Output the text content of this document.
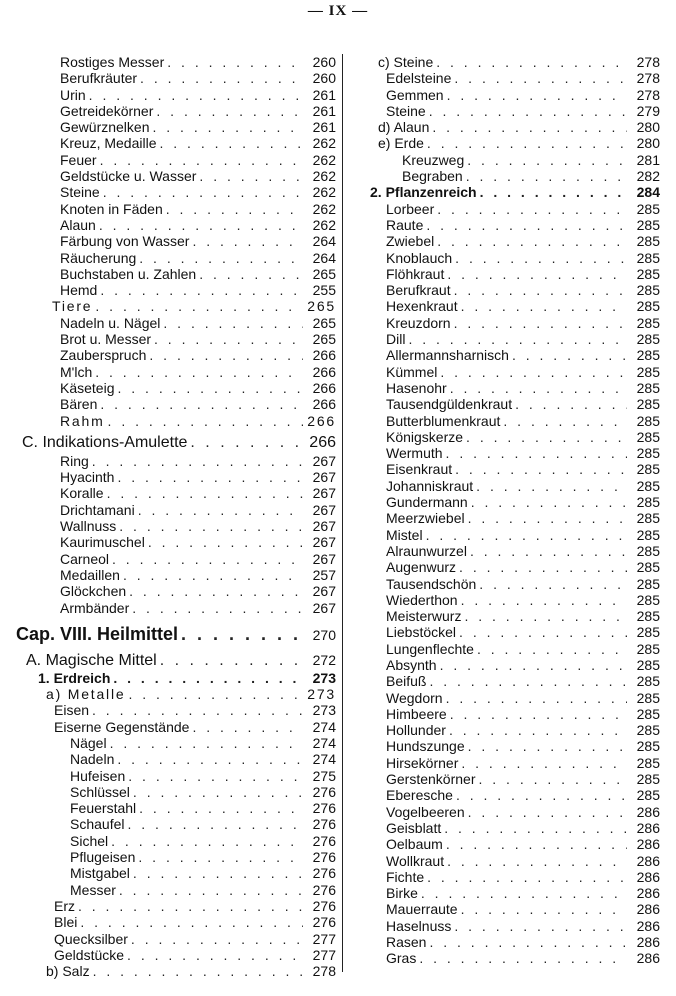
— IX —
Rostiges Messer . . .	260
Berufkräuter . . .	260
Urin . . .	261
Getreidekörner . . .	261
Gewürznelken . . .	261
Kreuz, Medaille . . .	262
Feuer . . .	262
Geldstücke u. Wasser . . .	262
Steine . . .	262
Knoten in Fäden . . .	262
Alaun . . .	262
Färbung von Wasser . . .	264
Räucherung . . .	264
Buchstaben u. Zahlen . . .	265
Hemd . . .	255
Tiere . . .	265
Nadeln u. Nägel . . .	265
Brot u. Messer . . .	265
Zauberspruch . . .	266
M'lch . . .	266
Käseteig . . .	266
Bären . . .	266
Rahm . . .	266
C. Indikations-Amulette . . .	266
Ring . . .	267
Hyacinth . . .	267
Koralle . . .	267
Drichtamani . . .	267
Wallnuss . . .	267
Kaurimuschel . . .	267
Carneol . . .	267
Medaillen . . .	257
Glöckchen . . .	267
Armbänder . . .	267
Cap. VIII. Heilmittel . . .	270
A. Magische Mittel . . .	272
1. Erdreich . . .	273
a) Metalle . . .	273
Eisen . . .	273
Eiserne Gegenstände . . .	274
Nägel . . .	274
Nadeln . . .	274
Hufeisen . . .	275
Schlüssel . . .	276
Feuerstahl . . .	276
Schaufel . . .	276
Sichel . . .	276
Pflugeisen . . .	276
Mistgabel . . .	276
Messer . . .	276
Erz . . .	276
Blei . . .	276
Quecksilber . . .	277
Geldstücke . . .	277
b) Salz . . .	278
c) Steine . . .	278
Edelsteine . . .	278
Gemmen . . .	278
Steine . . .	279
d) Alaun . . .	280
e) Erde . . .	280
Kreuzweg . . .	281
Begraben . . .	282
2. Pflanzenreich . . .	284
Lorbeer . . .	285
Raute . . .	285
Zwiebel . . .	285
Knoblauch . . .	285
Flöhkraut . . .	285
Berufkraut . . .	285
Hexenkraut . . .	285
Kreuzdorn . . .	285
Dill . . .	285
Allermannsharnisch . . .	285
Kümmel . . .	285
Hasenohr . . .	285
Tausendgüldenkraut . . .	285
Butterblumenkraut . . .	285
Königskerze . . .	285
Wermuth . . .	285
Eisenkraut . . .	285
Johanniskraut . . .	285
Gundermann . . .	285
Meerzwiebel . . .	285
Mistel . . .	285
Alraunwurzel . . .	285
Augenwurz . . .	285
Tausendschön . . .	285
Wiederthon . . .	285
Meisterwurz . . .	285
Liebstöckel . . .	285
Lungenflechte . . .	285
Absynth . . .	285
Beifuß . . .	285
Wegdorn . . .	285
Himbeere . . .	285
Hollunder . . .	285
Hundszunge . . .	285
Hirsekörner . . .	285
Gerstenkörner . . .	285
Eberesche . . .	285
Vogelbeeren . . .	286
Geisblatt . . .	286
Oelbaum . . .	286
Wollkraut . . .	286
Fichte . . .	286
Birke . . .	286
Mauerraute . . .	286
Haselnuss . . .	286
Rasen . . .	286
Gras . . .	286
